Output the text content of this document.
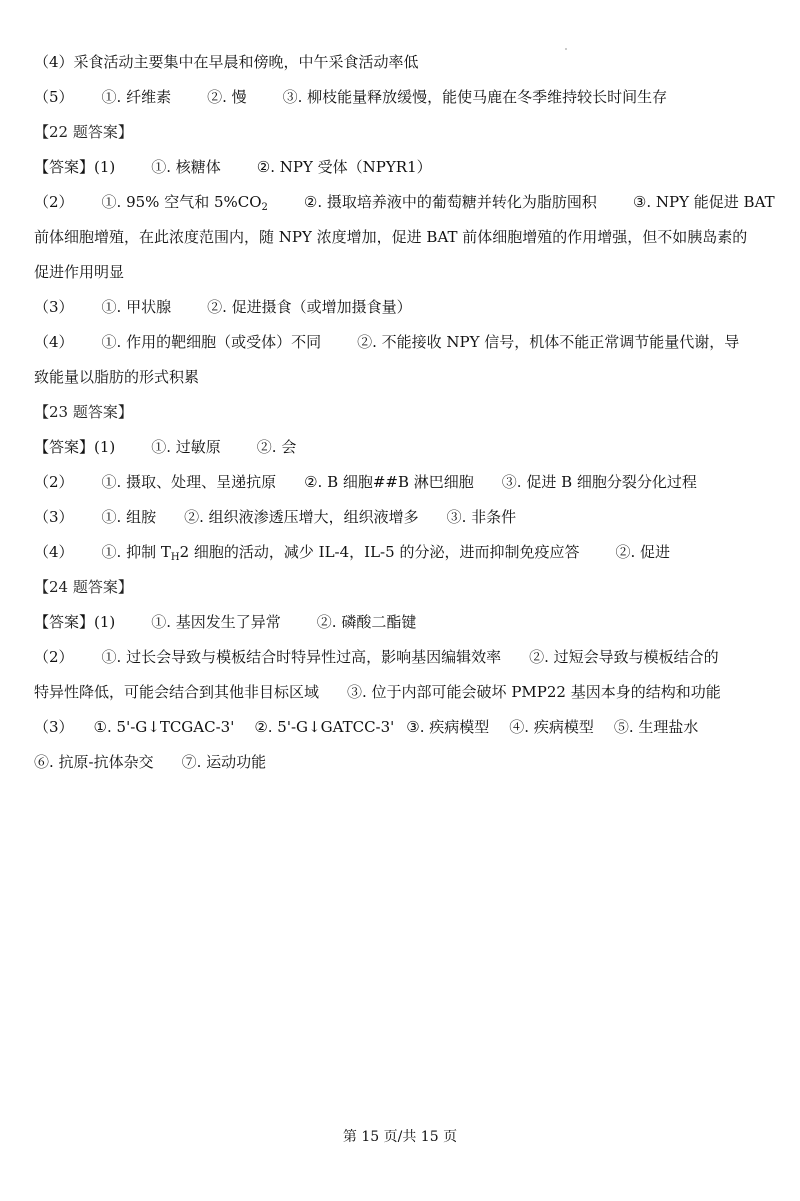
（4）采食活动主要集中在早晨和傍晚，中午采食活动率低
（5） ①. 纤维素 ②. 慢 ③. 柳枝能量释放缓慢，能使马鹿在冬季维持较长时间生存
【22 题答案】
【答案】(1) ①. 核糖体 ②. NPY 受体（NPYR1）
（2） ①. 95% 空气和 $5\%CO_2$ ②. 摄取培养液中的葡萄糖并转化为脂肪囤积 ③. NPY 能促进 BAT
前体细胞增殖，在此浓度范围内，随 NPY 浓度增加，促进 BAT 前体细胞增殖的作用增强，但不如胰岛素的
促进作用明显
（3） ①. 甲状腺 ②. 促进摄食（或增加摄食量）
（4） ①. 作用的靶细胞（或受体）不同 ②. 不能接收 NPY 信号，机体不能正常调节能量代谢，导
致能量以脂肪的形式积累
【23 题答案】
【答案】(1) ①. 过敏原 ②. 会
（2） ①. 摄取、处理、呈递抗原 ②. B 细胞##B 淋巴细胞 ③. 促进 B 细胞分裂分化过程
（3） ①. 组胺 ②. 组织液渗透压增大，组织液增多 ③. 非条件
（4） ①. 抑制 $T_H2$ 细胞的活动，减少 IL-4，IL-5 的分泌，进而抑制免疫应答 ②. 促进
【24 题答案】
【答案】(1) ①. 基因发生了异常 ②. 磷酸二酯键
（2） ①. 过长会导致与模板结合时特异性过高，影响基因编辑效率 ②. 过短会导致与模板结合的
特异性降低，可能会结合到其他非目标区域 ③. 位于内部可能会破坏 PMP22 基因本身的结构和功能
（3） ①. 5'-G↓TCGAC-3' ②. 5'-G↓GATCC-3' ③. 疾病模型 ④. 疾病模型 ⑤. 生理盐水
⑥. 抗原-抗体杂交 ⑦. 运动功能
第 15 页/共 15 页
